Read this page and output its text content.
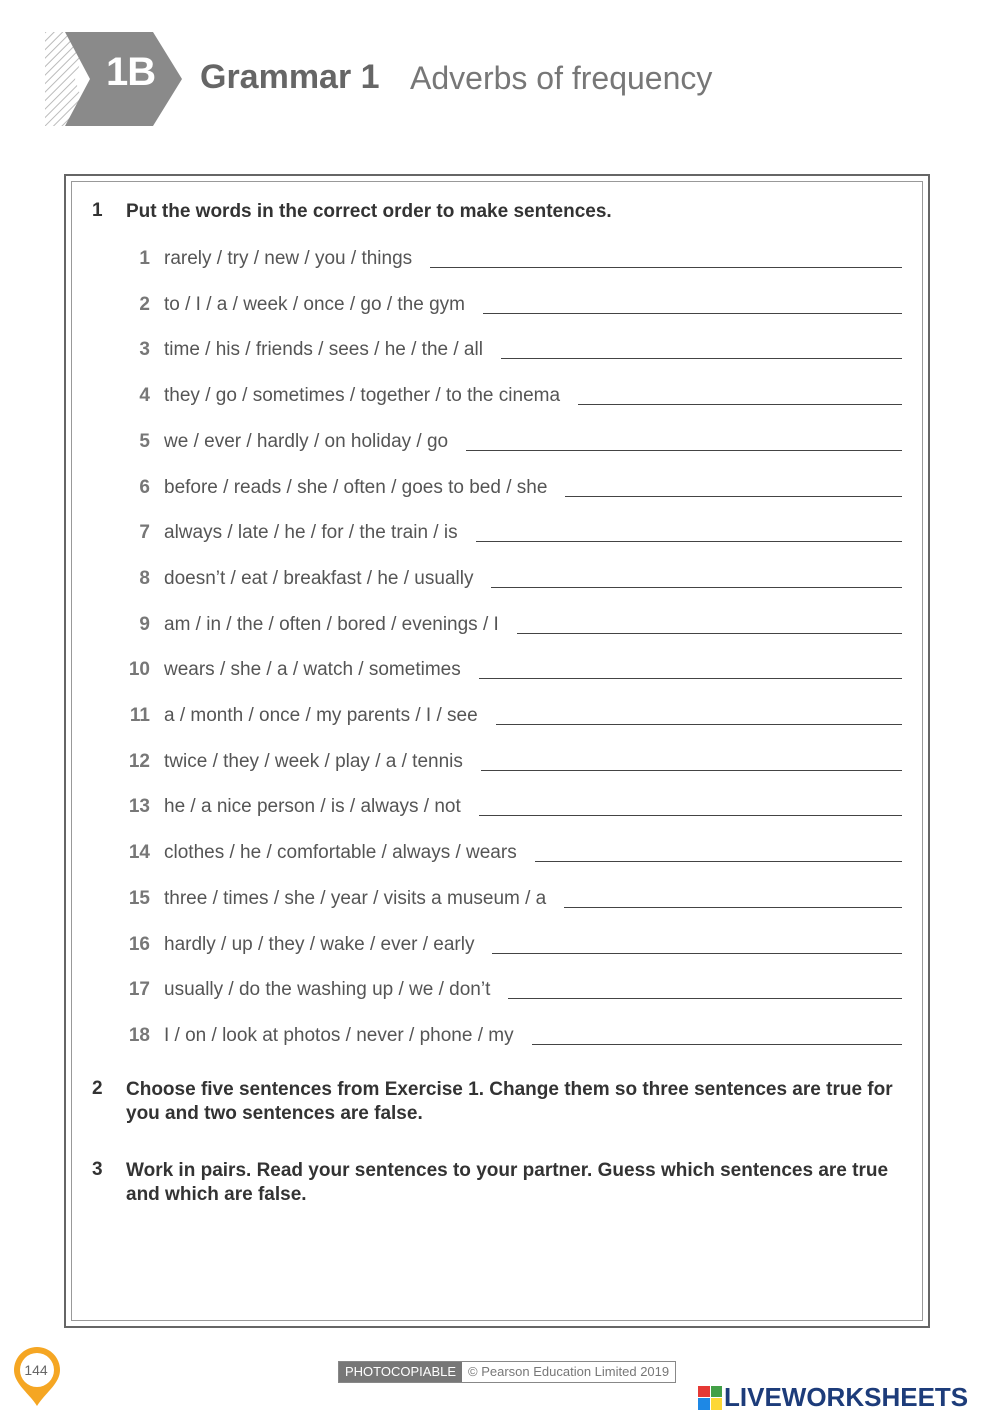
1B Grammar 1 Adverbs of frequency
1 Put the words in the correct order to make sentences.
1 rarely / try / new / you / things
2 to / I / a / week / once / go / the gym
3 time / his / friends / sees / he / the / all
4 they / go / sometimes / together / to the cinema
5 we / ever / hardly / on holiday / go
6 before / reads / she / often / goes to bed / she
7 always / late / he / for / the train / is
8 doesn’t / eat / breakfast / he / usually
9 am / in / the / often / bored / evenings / I
10 wears / she / a / watch / sometimes
11 a / month / once / my parents / I / see
12 twice / they / week / play / a / tennis
13 he / a nice person / is / always / not
14 clothes / he / comfortable / always / wears
15 three / times / she / year / visits a museum / a
16 hardly / up / they / wake / ever / early
17 usually / do the washing up / we / don’t
18 I / on / look at photos / never / phone / my
2 Choose five sentences from Exercise 1. Change them so three sentences are true for you and two sentences are false.
3 Work in pairs. Read your sentences to your partner. Guess which sentences are true and which are false.
144	PHOTOCOPIABLE © Pearson Education Limited 2019
LIVEWORKSHEETS
